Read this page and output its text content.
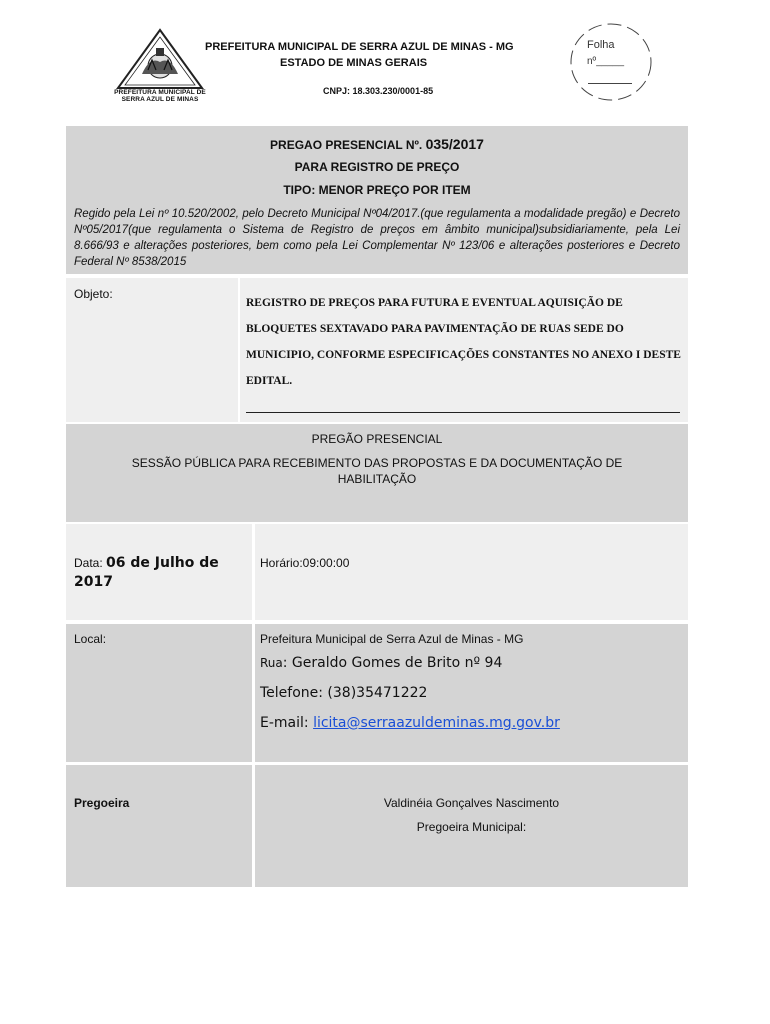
PREFEITURA MUNICIPAL DE
SERRA AZUL DE MINAS
PREFEITURA MUNICIPAL DE SERRA AZUL DE MINAS - MG
ESTADO DE MINAS GERAIS
CNPJ: 18.303.230/0001-85
Folha
nº_____
PREGAO PRESENCIAL Nº. 035/2017
PARA REGISTRO DE PREÇO
TIPO: MENOR PREÇO POR ITEM
Regido pela Lei nº 10.520/2002, pelo Decreto Municipal Nº04/2017.(que regulamenta a modalidade pregão) e Decreto Nº05/2017(que regulamenta o Sistema de Registro de preços em âmbito municipal)subsidiariamente, pela Lei 8.666/93 e alterações posteriores, bem como pela Lei Complementar Nº 123/06 e alterações posteriores e Decreto Federal Nº 8538/2015
Objeto:
REGISTRO DE PREÇOS PARA FUTURA E EVENTUAL AQUISIÇÃO DE BLOQUETES SEXTAVADO PARA PAVIMENTAÇÃO DE RUAS SEDE DO MUNICIPIO, CONFORME ESPECIFICAÇÕES CONSTANTES NO ANEXO I DESTE EDITAL.
PREGÃO PRESENCIAL
SESSÃO PÚBLICA PARA RECEBIMENTO DAS PROPOSTAS E DA DOCUMENTAÇÃO DE HABILITAÇÃO
Data: 06 de Julho de 2017
Horário:09:00:00
Local:	Prefeitura Municipal de Serra Azul de Minas - MG
Rua: Geraldo Gomes de Brito nº 94
Telefone: (38)35471222
E-mail: licita@serraazuldeminas.mg.gov.br
Pregoeira	Valdinéia Gonçalves Nascimento
Pregoeira Municipal:
